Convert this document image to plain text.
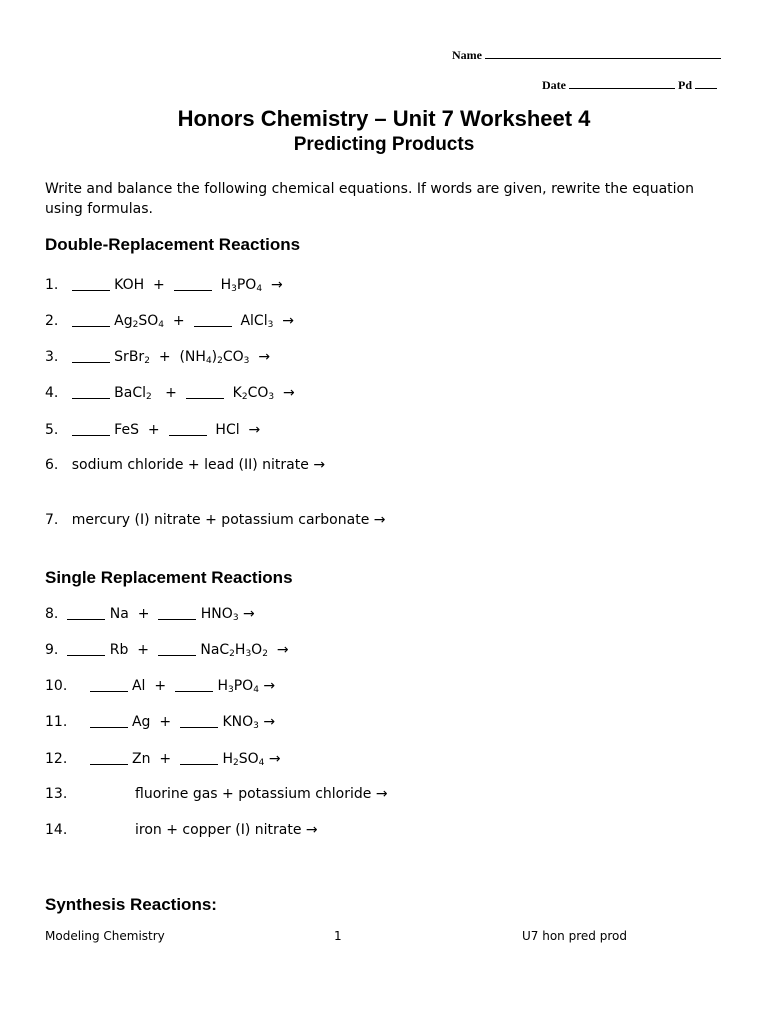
Name
Date	Pd
Honors Chemistry – Unit 7 Worksheet 4
Predicting Products
Write and balance the following chemical equations. If words are given, rewrite the equation using formulas.
Double-Replacement Reactions
1.	KOH +	$H_3PO_4$ →
2.	$Ag_2SO_4$ +	AlCl$_3$ →
3.	SrBr$_2$ + $(NH_4)_2CO_3$ →
4.	BaCl$_2$ +	$K_2CO_3$ →
5.	FeS +	HCl →
6. sodium chloride + lead (II) nitrate →
7. mercury (I) nitrate + potassium carbonate →
Single Replacement Reactions
8.	Na +	$HNO_3$ →
9.	Rb +	$NaC_2H_3O_2$ →
10.	Al +	$H_3PO_4$ →
11.	Ag +	$KNO_3$ →
12.	Zn +	$H_2SO_4$ →
13.	fluorine gas + potassium chloride →
14.	iron + copper (I) nitrate →
Synthesis Reactions:
Modeling Chemistry	1	U7 hon pred prod
